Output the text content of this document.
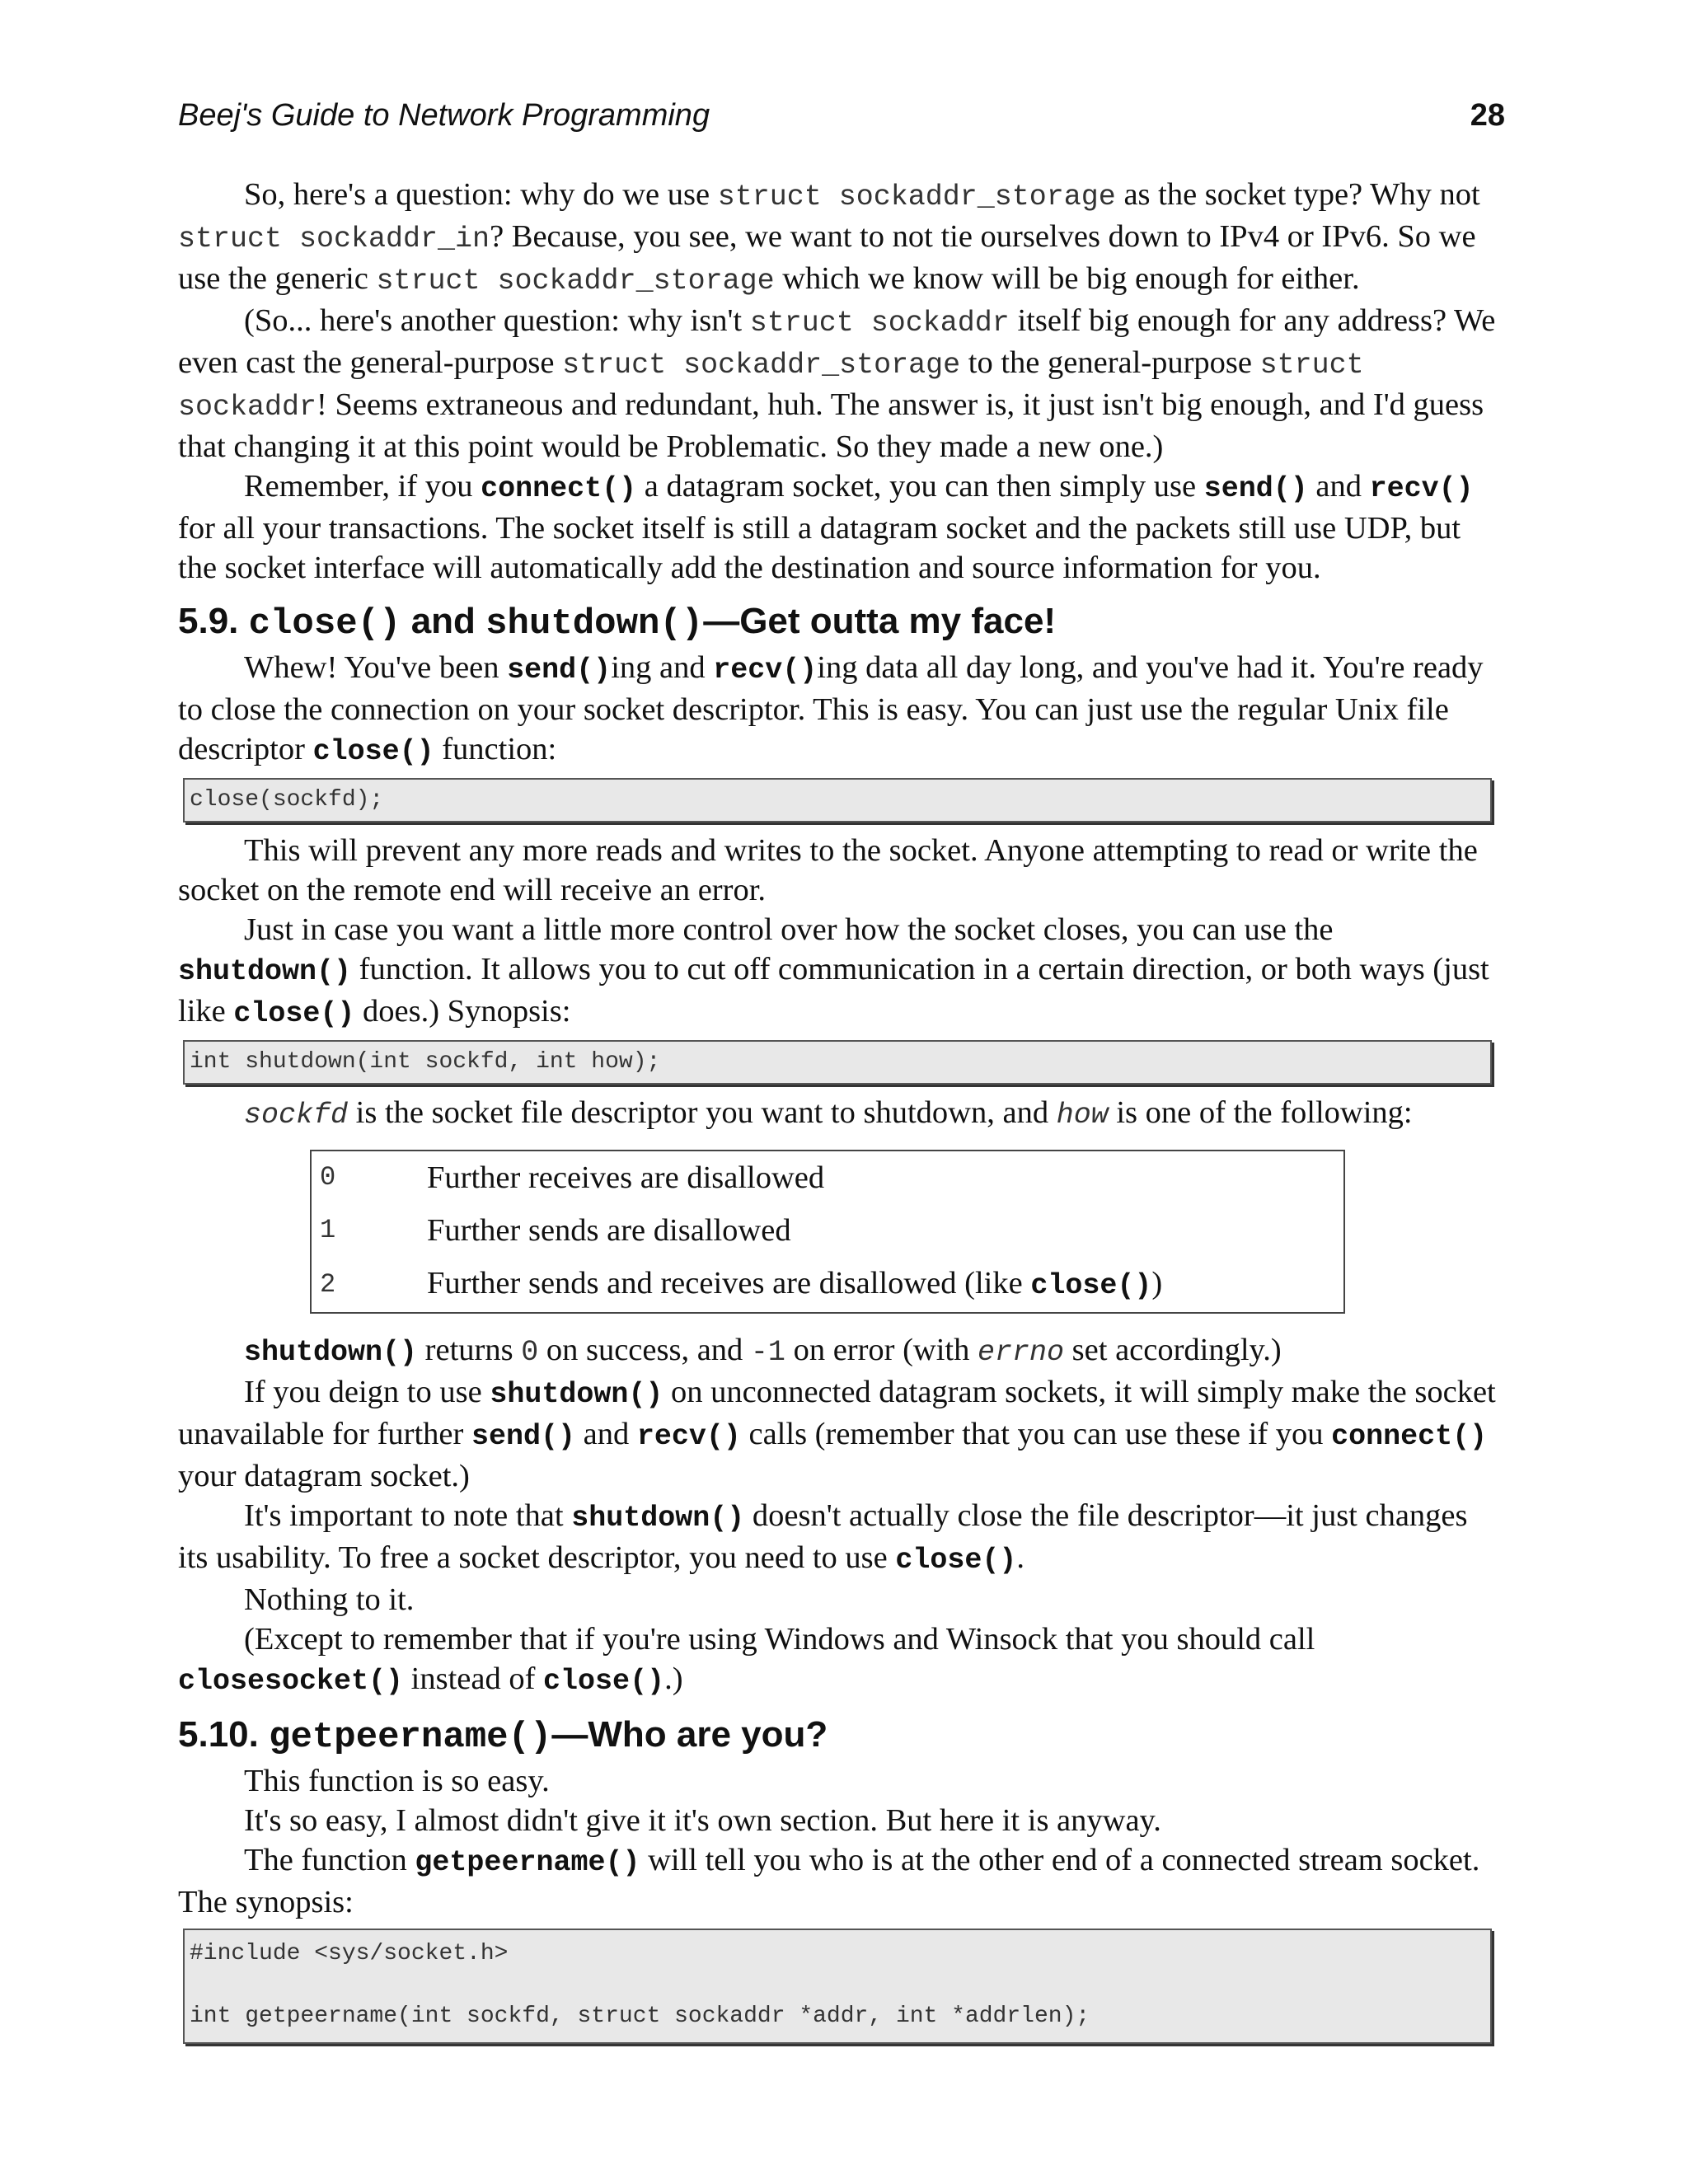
Beej's Guide to Network Programming	28

So, here's a question: why do we use struct sockaddr_storage as the socket type? Why not struct sockaddr_in? Because, you see, we want to not tie ourselves down to IPv4 or IPv6. So we use the generic struct sockaddr_storage which we know will be big enough for either.

(So... here's another question: why isn't struct sockaddr itself big enough for any address? We even cast the general-purpose struct sockaddr_storage to the general-purpose struct sockaddr! Seems extraneous and redundant, huh. The answer is, it just isn't big enough, and I'd guess that changing it at this point would be Problematic. So they made a new one.)

Remember, if you connect() a datagram socket, you can then simply use send() and recv() for all your transactions. The socket itself is still a datagram socket and the packets still use UDP, but the socket interface will automatically add the destination and source information for you.

5.9. close() and shutdown()—Get outta my face!

Whew! You've been send()ing and recv()ing data all day long, and you've had it. You're ready to close the connection on your socket descriptor. This is easy. You can just use the regular Unix file descriptor close() function:

close(sockfd);

This will prevent any more reads and writes to the socket. Anyone attempting to read or write the socket on the remote end will receive an error.

Just in case you want a little more control over how the socket closes, you can use the shutdown() function. It allows you to cut off communication in a certain direction, or both ways (just like close() does.) Synopsis:

int shutdown(int sockfd, int how);

sockfd is the socket file descriptor you want to shutdown, and how is one of the following:

0	Further receives are disallowed
1	Further sends are disallowed
2	Further sends and receives are disallowed (like close())

shutdown() returns 0 on success, and -1 on error (with errno set accordingly.)

If you deign to use shutdown() on unconnected datagram sockets, it will simply make the socket unavailable for further send() and recv() calls (remember that you can use these if you connect() your datagram socket.)

It's important to note that shutdown() doesn't actually close the file descriptor—it just changes its usability. To free a socket descriptor, you need to use close().

Nothing to it.

(Except to remember that if you're using Windows and Winsock that you should call closesocket() instead of close().)

5.10. getpeername()—Who are you?

This function is so easy.

It's so easy, I almost didn't give it it's own section. But here it is anyway.

The function getpeername() will tell you who is at the other end of a connected stream socket. The synopsis:

#include <sys/socket.h>

int getpeername(int sockfd, struct sockaddr *addr, int *addrlen);
